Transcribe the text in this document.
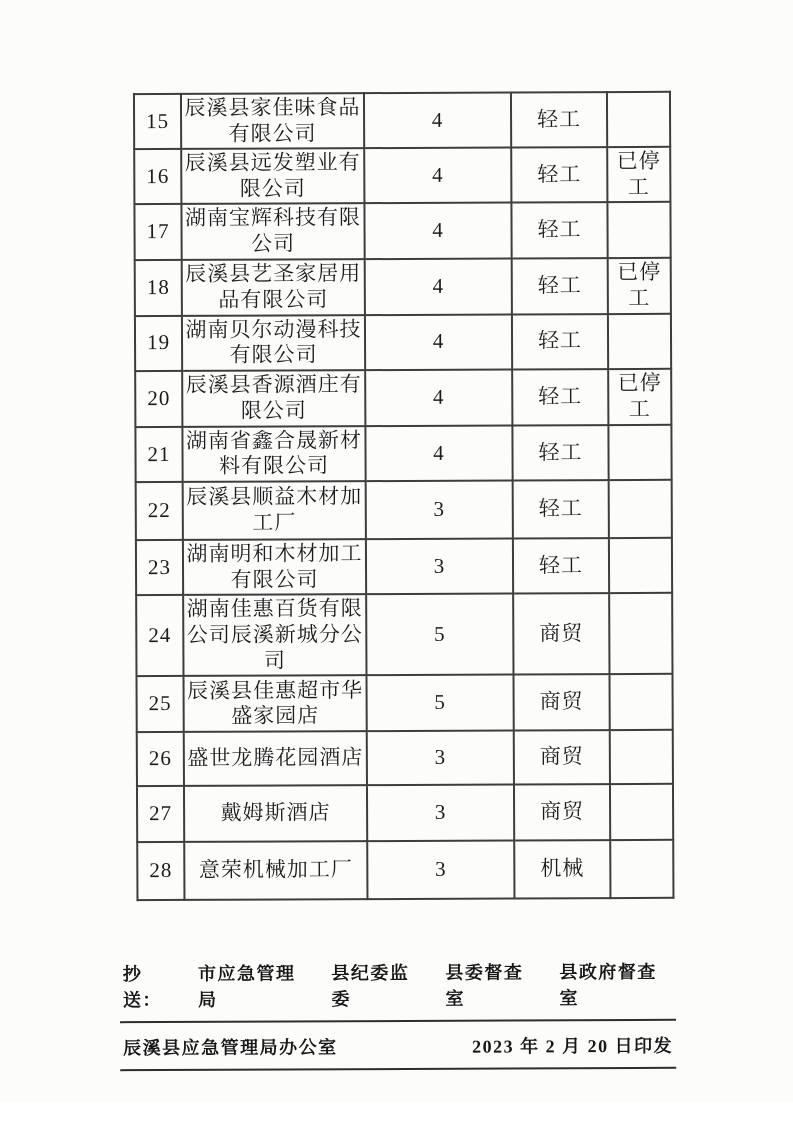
15	辰溪县家佳味食品有限公司	4	轻工	
16	辰溪县远发塑业有限公司	4	轻工	已停工
17	湖南宝辉科技有限公司	4	轻工	
18	辰溪县艺圣家居用品有限公司	4	轻工	已停工
19	湖南贝尔动漫科技有限公司	4	轻工	
20	辰溪县香源酒庄有限公司	4	轻工	已停工
21	湖南省鑫合晟新材料有限公司	4	轻工	
22	辰溪县顺益木材加工厂	3	轻工	
23	湖南明和木材加工有限公司	3	轻工	
24	湖南佳惠百货有限公司辰溪新城分公司	5	商贸	
25	辰溪县佳惠超市华盛家园店	5	商贸	
26	盛世龙腾花园酒店	3	商贸	
27	戴姆斯酒店	3	商贸	
28	意荣机械加工厂	3	机械	
抄送：
市应急管理局
县纪委监委
县委督查室
县政府督查室
辰溪县应急管理局办公室	2023 年 2 月 20 日印发
